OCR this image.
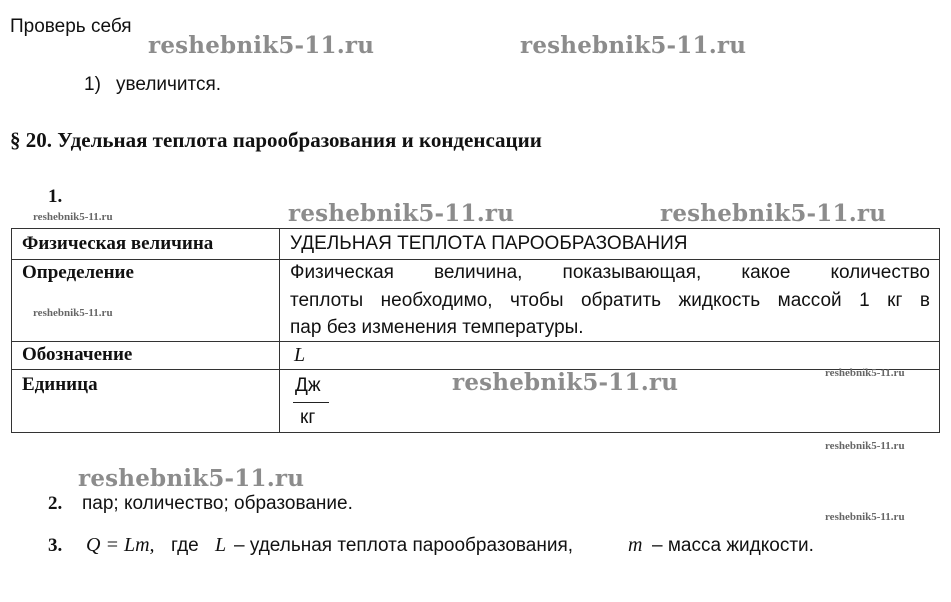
Проверь себя
reshebnik5-11.ru	reshebnik5-11.ru
reshebnik5-11.ru	reshebnik5-11.ru
reshebnik5-11.ru
reshebnik5-11.ru
reshebnik5-11.ru
reshebnik5-11.ru
reshebnik5-11.ru
reshebnik5-11.ru
reshebnik5-11.ru
1) увеличится.
§ 20. Удельная теплота парообразования и конденсации
1.
Физическая величина	УДЕЛЬНАЯ ТЕПЛОТА ПАРООБРАЗОВАНИЯ
Определение	Физическая величина, показывающая, какое количество
теплоты необходимо, чтобы обратить жидкость массой 1 кг в
пар без изменения температуры.
Обозначение	L
Единица	Дж
кг
2. пар; количество; образование.
3. Q = Lm, где L – удельная теплота парообразования,	m – масса жидкости.
